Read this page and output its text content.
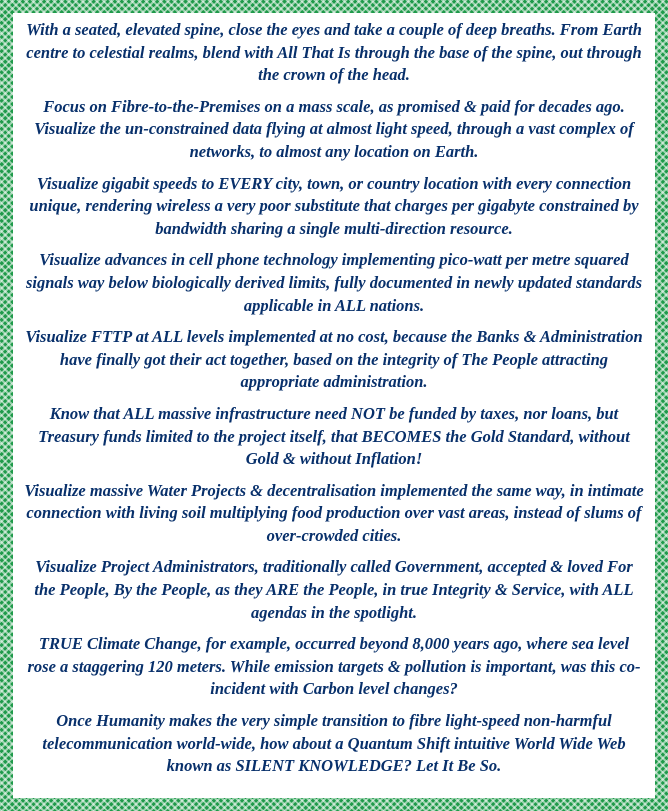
With a seated, elevated spine, close the eyes and take a couple of deep breaths. From Earth centre to celestial realms, blend with All That Is through the base of the spine, out through the crown of the head.

Focus on Fibre-to-the-Premises on a mass scale, as promised & paid for decades ago. Visualize the un-constrained data flying at almost light speed, through a vast complex of networks, to almost any location on Earth.

Visualize gigabit speeds to EVERY city, town, or country location with every connection unique, rendering wireless a very poor substitute that charges per gigabyte constrained by bandwidth sharing a single multi-direction resource.

Visualize advances in cell phone technology implementing pico-watt per metre squared signals way below biologically derived limits, fully documented in newly updated standards applicable in ALL nations.

Visualize FTTP at ALL levels implemented at no cost, because the Banks & Administration have finally got their act together, based on the integrity of The People attracting appropriate administration.

Know that ALL massive infrastructure need NOT be funded by taxes, nor loans, but Treasury funds limited to the project itself, that BECOMES the Gold Standard, without Gold & without Inflation!

Visualize massive Water Projects & decentralisation implemented the same way, in intimate connection with living soil multiplying food production over vast areas, instead of slums of over-crowded cities.

Visualize Project Administrators, traditionally called Government, accepted & loved For the People, By the People, as they ARE the People, in true Integrity & Service, with ALL agendas in the spotlight.

TRUE Climate Change, for example, occurred beyond 8,000 years ago, where sea level rose a staggering 120 meters. While emission targets & pollution is important, was this co-incident with Carbon level changes?

Once Humanity makes the very simple transition to fibre light-speed non-harmful telecommunication world-wide, how about a Quantum Shift intuitive World Wide Web known as SILENT KNOWLEDGE? Let It Be So.
